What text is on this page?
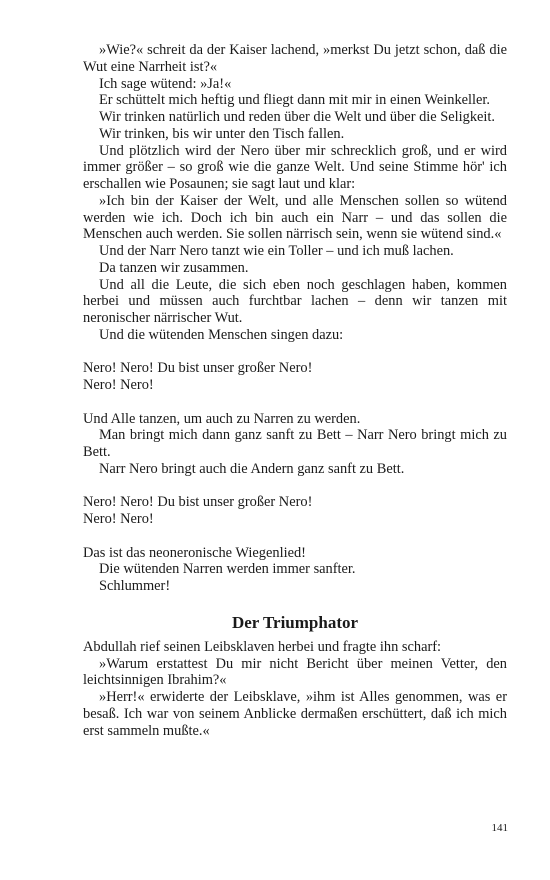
»Wie?« schreit da der Kaiser lachend, »merkst Du jetzt schon, daß die Wut eine Narrheit ist?«

Ich sage wütend: »Ja!«

Er schüttelt mich heftig und fliegt dann mit mir in einen Weinkeller.

Wir trinken natürlich und reden über die Welt und über die Seligkeit.

Wir trinken, bis wir unter den Tisch fallen.

Und plötzlich wird der Nero über mir schrecklich groß, und er wird immer größer – so groß wie die ganze Welt. Und seine Stimme hör' ich erschallen wie Posaunen; sie sagt laut und klar:

»Ich bin der Kaiser der Welt, und alle Menschen sollen so wütend werden wie ich. Doch ich bin auch ein Narr – und das sollen die Menschen auch werden. Sie sollen närrisch sein, wenn sie wütend sind.«

Und der Narr Nero tanzt wie ein Toller – und ich muß lachen.

Da tanzen wir zusammen.

Und all die Leute, die sich eben noch geschlagen haben, kommen herbei und müssen auch furchtbar lachen – denn wir tanzen mit neronischer närrischer Wut.

Und die wütenden Menschen singen dazu:

Nero! Nero! Du bist unser großer Nero!
Nero! Nero!

Und Alle tanzen, um auch zu Narren zu werden.

Man bringt mich dann ganz sanft zu Bett – Narr Nero bringt mich zu Bett.

Narr Nero bringt auch die Andern ganz sanft zu Bett.

Nero! Nero! Du bist unser großer Nero!
Nero! Nero!

Das ist das neoneronische Wiegenlied!

Die wütenden Narren werden immer sanfter.

Schlummer!

Der Triumphator

Abdullah rief seinen Leibsklaven herbei und fragte ihn scharf:

»Warum erstattest Du mir nicht Bericht über meinen Vetter, den leichtsinnigen Ibrahim?«

»Herr!« erwiderte der Leibsklave, »ihm ist Alles genommen, was er besaß. Ich war von seinem Anblicke dermaßen erschüttert, daß ich mich erst sammeln mußte.«

141
